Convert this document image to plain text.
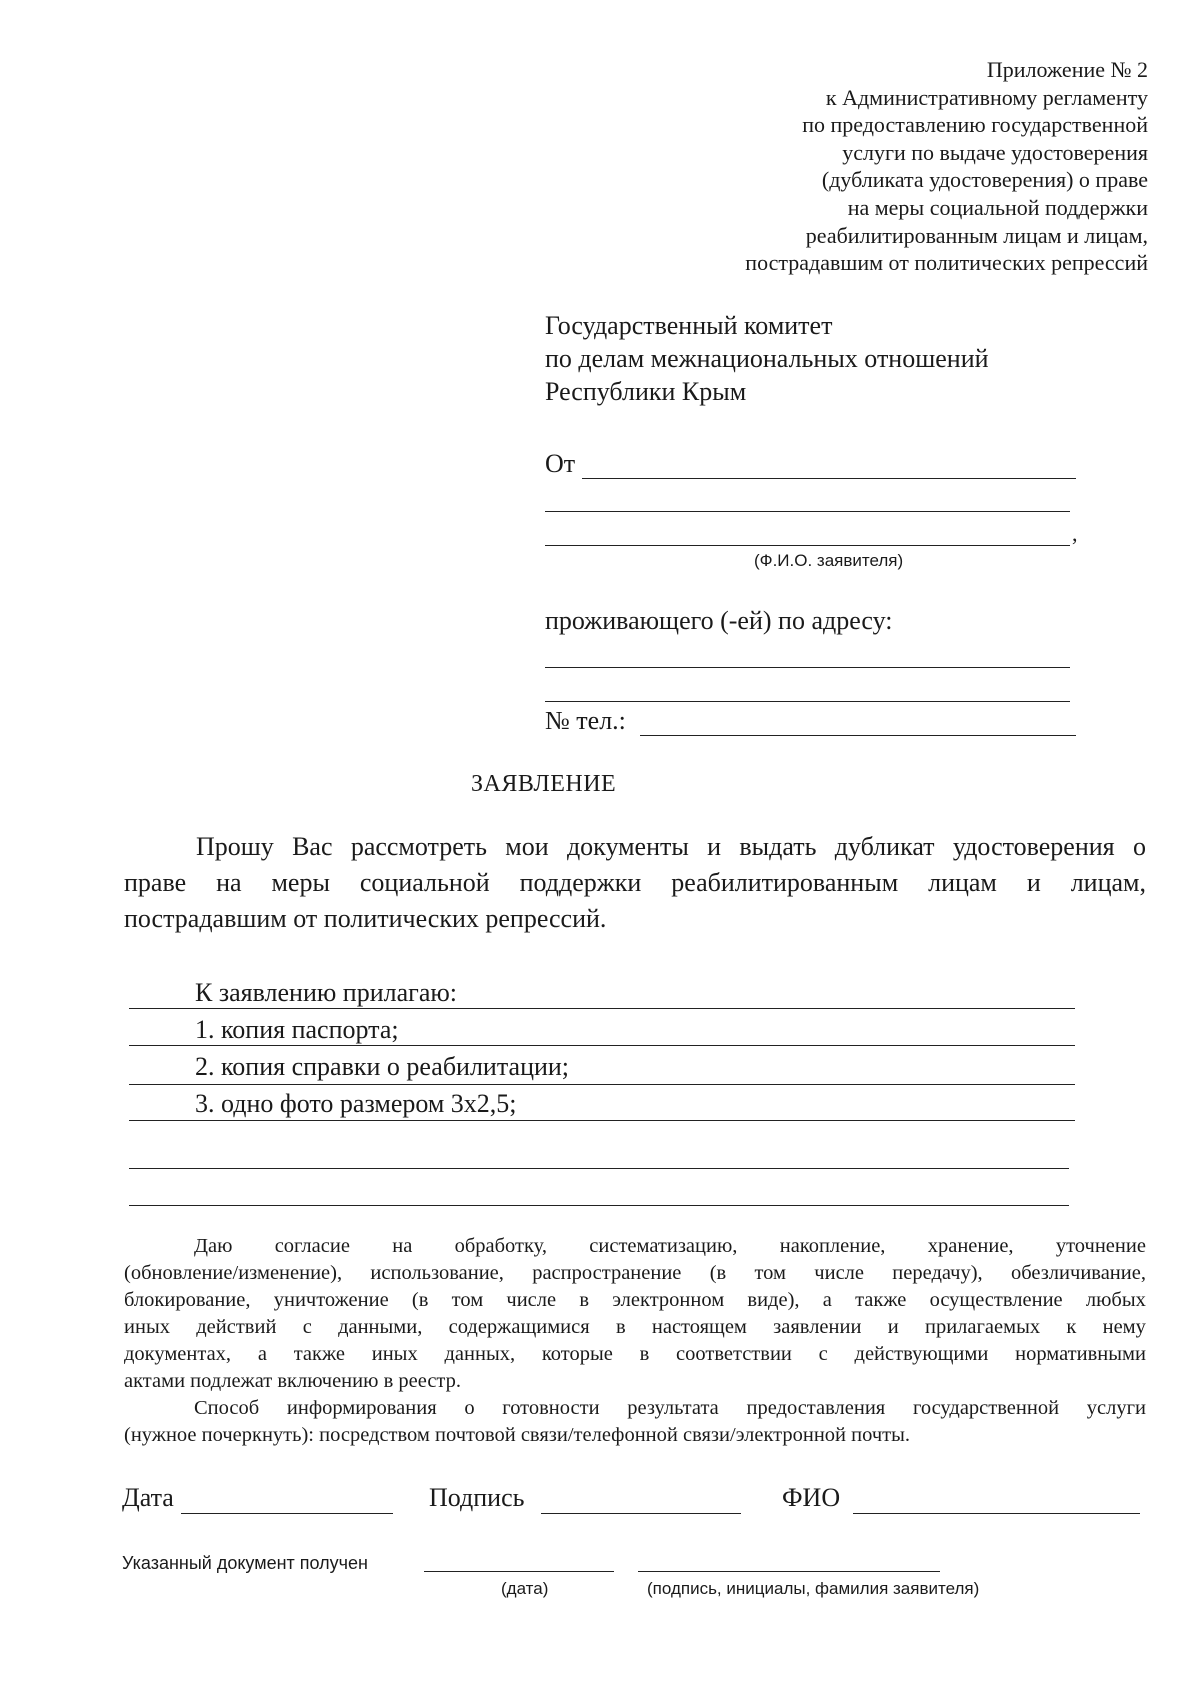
Приложение № 2
к Административному регламенту
по предоставлению государственной
услуги по выдаче удостоверения
(дубликата удостоверения) о праве
на меры социальной поддержки
реабилитированным лицам и лицам,
пострадавшим от политических репрессий
Государственный комитет
по делам межнациональных отношений
Республики Крым
От
,
(Ф.И.О. заявителя)
проживающего (-ей) по адресу:
№ тел.:
ЗАЯВЛЕНИЕ
Прошу Вас рассмотреть мои документы и выдать дубликат удостоверения о
праве на меры социальной поддержки реабилитированным лицам и лицам,
пострадавшим от политических репрессий.
К заявлению прилагаю:
1. копия паспорта;
2. копия справки о реабилитации;
3. одно фото размером 3х2,5;
Даю согласие на обработку, систематизацию, накопление, хранение, уточнение
(обновление/изменение), использование, распространение (в том числе передачу), обезличивание,
блокирование, уничтожение (в том числе в электронном виде), а также осуществление любых
иных действий с данными, содержащимися в настоящем заявлении и прилагаемых к нему
документах, а также иных данных, которые в соответствии с действующими нормативными
актами подлежат включению в реестр.
Способ информирования о готовности результата предоставления государственной услуги
(нужное почеркнуть): посредством почтовой связи/телефонной связи/электронной почты.
Дата	Подпись	ФИО
Указанный документ получен
(дата)	(подпись, инициалы, фамилия заявителя)
